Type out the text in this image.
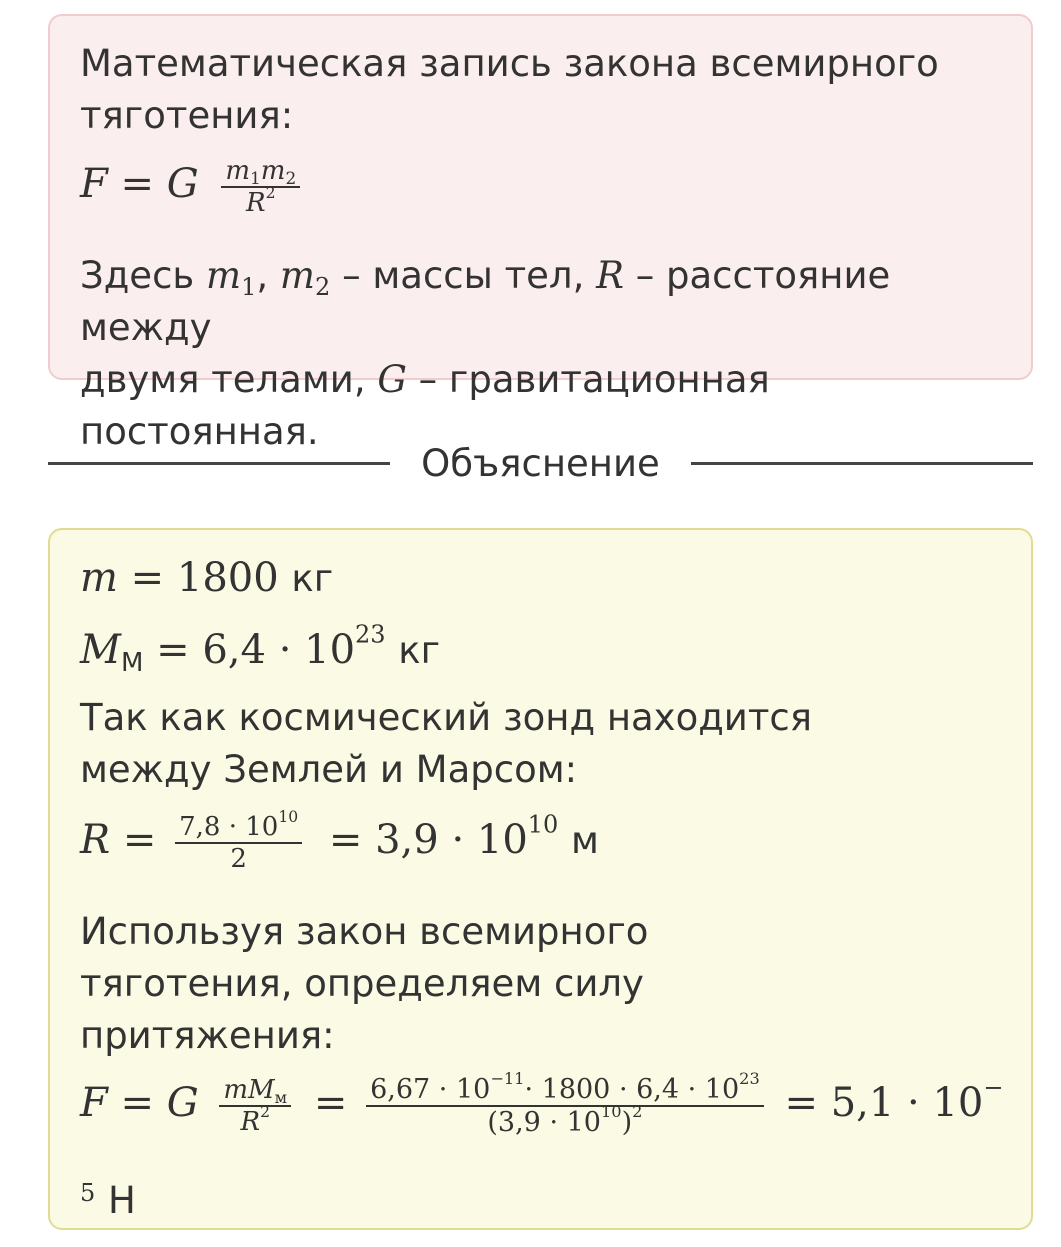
Математическая запись закона всемирного тяготения:
F = G $\frac{m_1m_2}{R^2}$
Здесь $m_1$, $m_2$ – массы тел, R – расстояние между
двумя телами, G – гравитационная постоянная.
Объяснение
m = 1800 кг
$M_М = 6,4 \cdot 10^{23}$ кг
Так как космический зонд находится между Землей и Марсом:
$R = \frac{7,8 \cdot 10^{10}}{2} = 3,9 \cdot 10^{10}$ м
Используя закон всемирного тяготения, определяем силу притяжения:
F = G $\frac{mM_м}{R^2} = \frac{6,67 \cdot 10^{-11}\cdot 1800 \cdot 6,4 \cdot 10^{23}}{(3,9 \cdot 10^{10})^2} = 5,1 \cdot 10^-$
$^5$ Н
